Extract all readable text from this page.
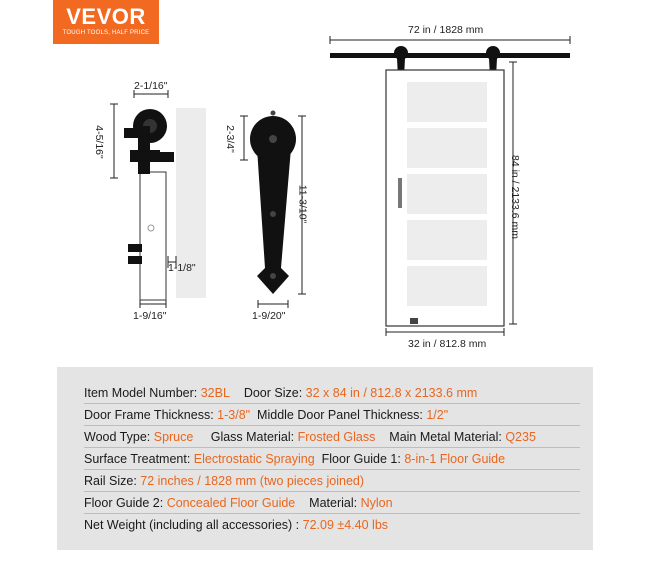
VEVOR
TOUGH TOOLS, HALF PRICE
2-1/16"
4-5/16"
1-1/8"
1-9/16"
2-3/4"
11-3/10"
1-9/20"
72 in / 1828 mm
84 in / 2133.6 mm
32 in / 812.8 mm
Item Model Number: 32BL Door Size: 32 x 84 in / 812.8 x 2133.6 mm
Door Frame Thickness: 1-3/8" Middle Door Panel Thickness: 1/2"
Wood Type: Spruce Glass Material: Frosted Glass Main Metal Material: Q235
Surface Treatment: Electrostatic Spraying Floor Guide 1: 8-in-1 Floor Guide
Rail Size: 72 inches / 1828 mm (two pieces joined)
Floor Guide 2: Concealed Floor Guide Material: Nylon
Net Weight (including all accessories) : 72.09 ±4.40 lbs
